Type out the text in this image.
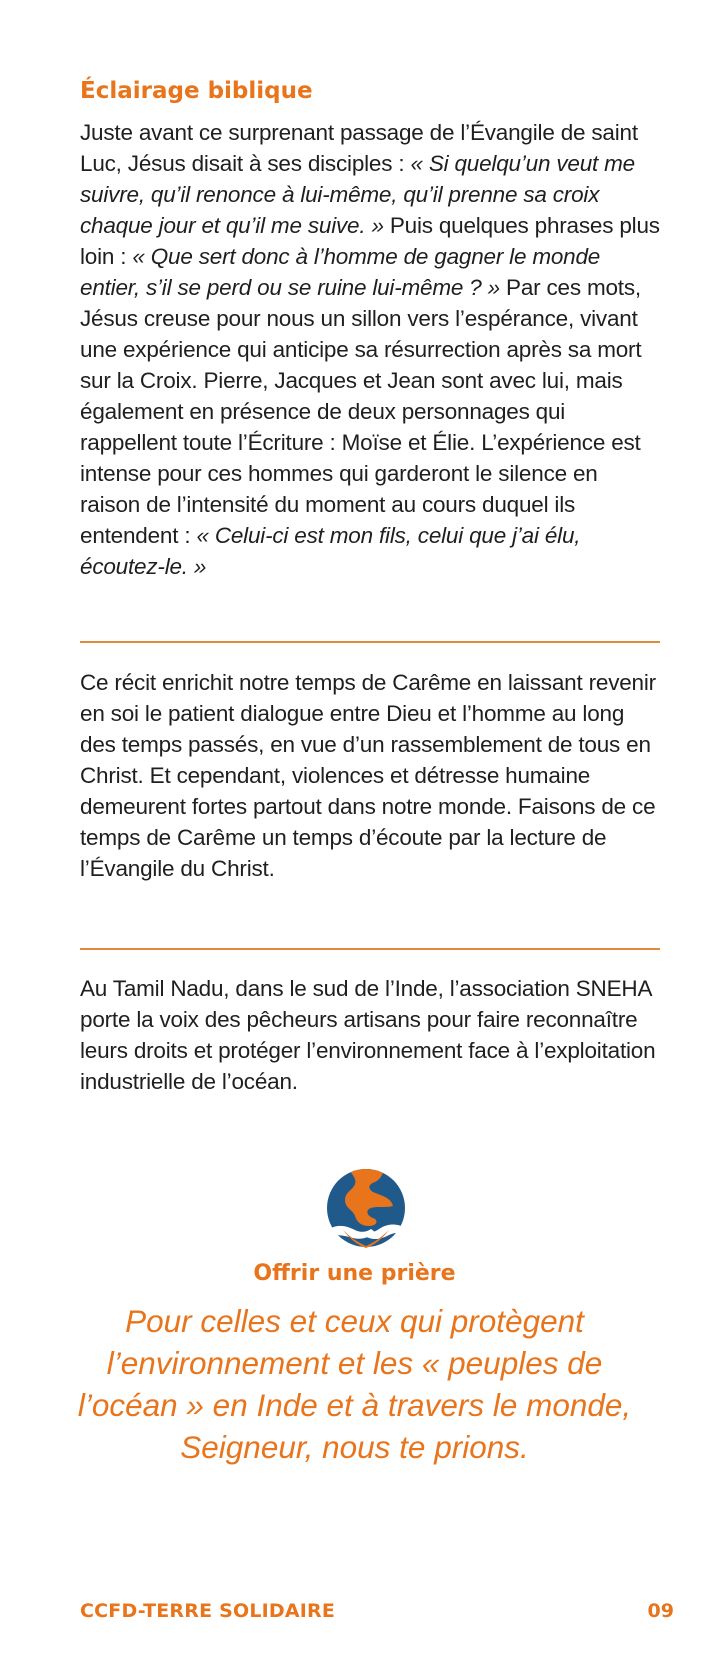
Éclairage biblique

Juste avant ce surprenant passage de l’Évangile de saint Luc, Jésus disait à ses disciples : « Si quelqu’un veut me suivre, qu’il renonce à lui-même, qu’il prenne sa croix chaque jour et qu’il me suive. » Puis quelques phrases plus loin : « Que sert donc à l’homme de gagner le monde entier, s’il se perd ou se ruine lui-même ? » Par ces mots, Jésus creuse pour nous un sillon vers l’espérance, vivant une expérience qui anticipe sa résurrection après sa mort sur la Croix. Pierre, Jacques et Jean sont avec lui, mais également en présence de deux personnages qui rappellent toute l’Écriture : Moïse et Élie. L’expérience est intense pour ces hommes qui garderont le silence en raison de l’intensité du moment au cours duquel ils entendent : « Celui-ci est mon fils, celui que j’ai élu, écoutez-le. »

Ce récit enrichit notre temps de Carême en laissant revenir en soi le patient dialogue entre Dieu et l’homme au long des temps passés, en vue d’un rassemblement de tous en Christ. Et cependant, violences et détresse humaine demeurent fortes partout dans notre monde. Faisons de ce temps de Carême un temps d’écoute par la lecture de l’Évangile du Christ.

Au Tamil Nadu, dans le sud de l’Inde, l’association SNEHA porte la voix des pêcheurs artisans pour faire reconnaître leurs droits et protéger l’environnement face à l’exploitation industrielle de l’océan.

Offrir une prière

Pour celles et ceux qui protègent l’environnement et les « peuples de l’océan » en Inde et à travers le monde, Seigneur, nous te prions.

CCFD-TERRE SOLIDAIRE	09
